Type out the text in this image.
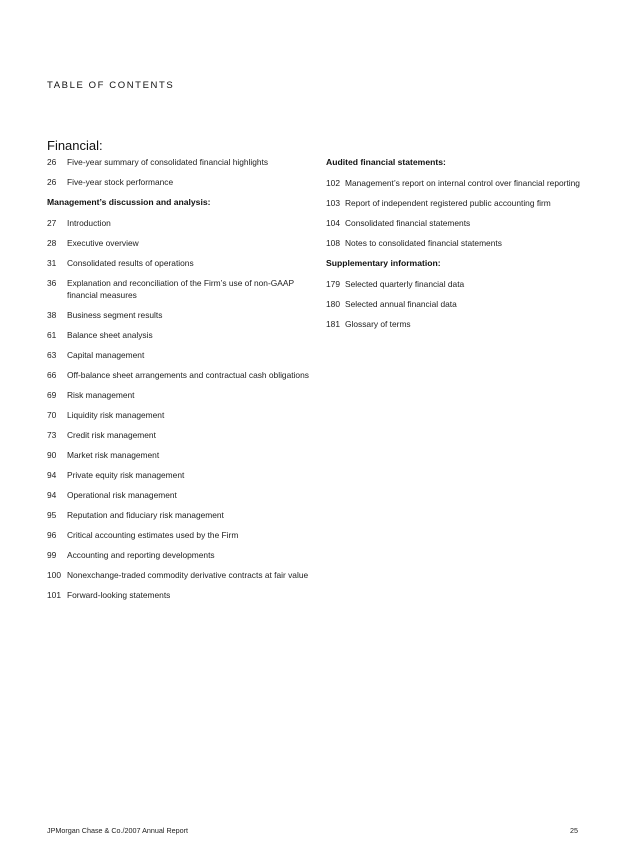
TABLE OF CONTENTS
Financial:
26	Five-year summary of consolidated financial highlights
26	Five-year stock performance
Management’s discussion and analysis:
27	Introduction
28	Executive overview
31	Consolidated results of operations
36	Explanation and reconciliation of the Firm’s use of non-GAAP financial measures
38	Business segment results
61	Balance sheet analysis
63	Capital management
66	Off-balance sheet arrangements and contractual cash obligations
69	Risk management
70	Liquidity risk management
73	Credit risk management
90	Market risk management
94	Private equity risk management
94	Operational risk management
95	Reputation and fiduciary risk management
96	Critical accounting estimates used by the Firm
99	Accounting and reporting developments
100 Nonexchange-traded commodity derivative contracts at fair value
101 Forward-looking statements
Audited financial statements:
102 Management’s report on internal control over financial reporting
103 Report of independent registered public accounting firm
104 Consolidated financial statements
108 Notes to consolidated financial statements
Supplementary information:
179 Selected quarterly financial data
180 Selected annual financial data
181 Glossary of terms
JPMorgan Chase & Co./2007 Annual Report	25
